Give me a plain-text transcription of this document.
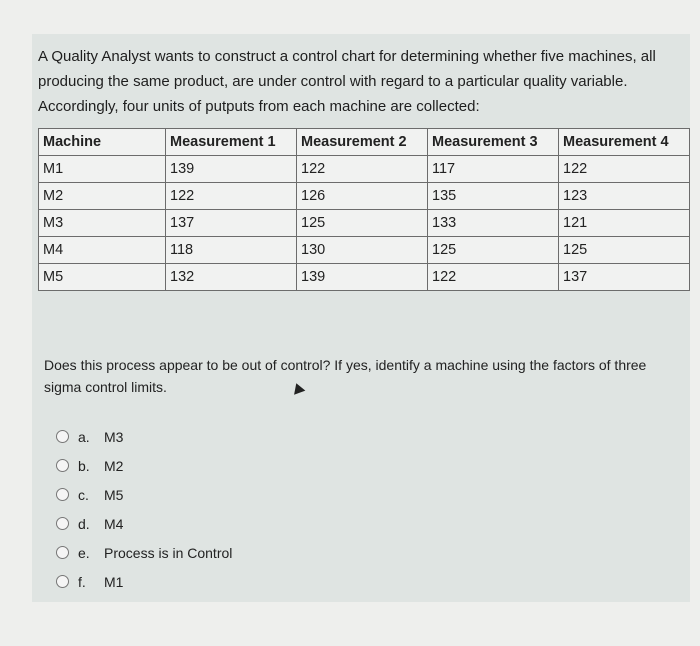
A Quality Analyst wants to construct a control chart for determining whether five machines, all producing the same product, are under control with regard to a particular quality variable. Accordingly, four units of putputs from each machine are collected:
Machine	Measurement 1	Measurement 2	Measurement 3	Measurement 4
M1	139	122	117	122
M2	122	126	135	123
M3	137	125	133	121
M4	118	130	125	125
M5	132	139	122	137
Does this process appear to be out of control? If yes, identify a machine using the factors of three sigma control limits.
a.	M3
b.	M2
c.	M5
d.	M4
e.	Process is in Control
f.	M1
